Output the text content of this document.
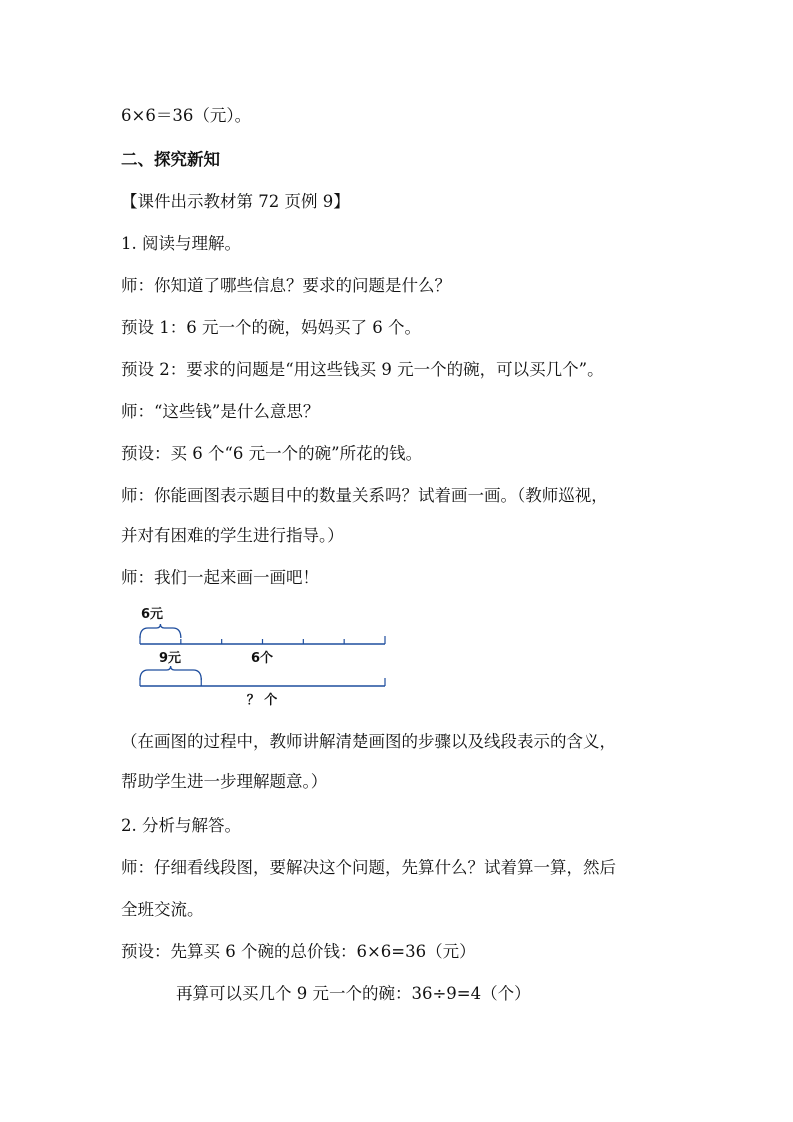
6×6＝36（元）。
二、探究新知
【课件出示教材第 72 页例 9】
1. 阅读与理解。
师：你知道了哪些信息？要求的问题是什么？
预设 1：6 元一个的碗，妈妈买了 6 个。
预设 2：要求的问题是“用这些钱买 9 元一个的碗，可以买几个”。
师：“这些钱”是什么意思？
预设：买 6 个“6 元一个的碗”所花的钱。
师：你能画图表示题目中的数量关系吗？试着画一画。（教师巡视，
并对有困难的学生进行指导。）
师：我们一起来画一画吧！
6元
6个
9元
？ 个
（在画图的过程中，教师讲解清楚画图的步骤以及线段表示的含义，
帮助学生进一步理解题意。）
2. 分析与解答。
师：仔细看线段图，要解决这个问题，先算什么？试着算一算，然后
全班交流。
预设：先算买 6 个碗的总价钱：6×6=36（元）
再算可以买几个 9 元一个的碗：36÷9=4（个）
